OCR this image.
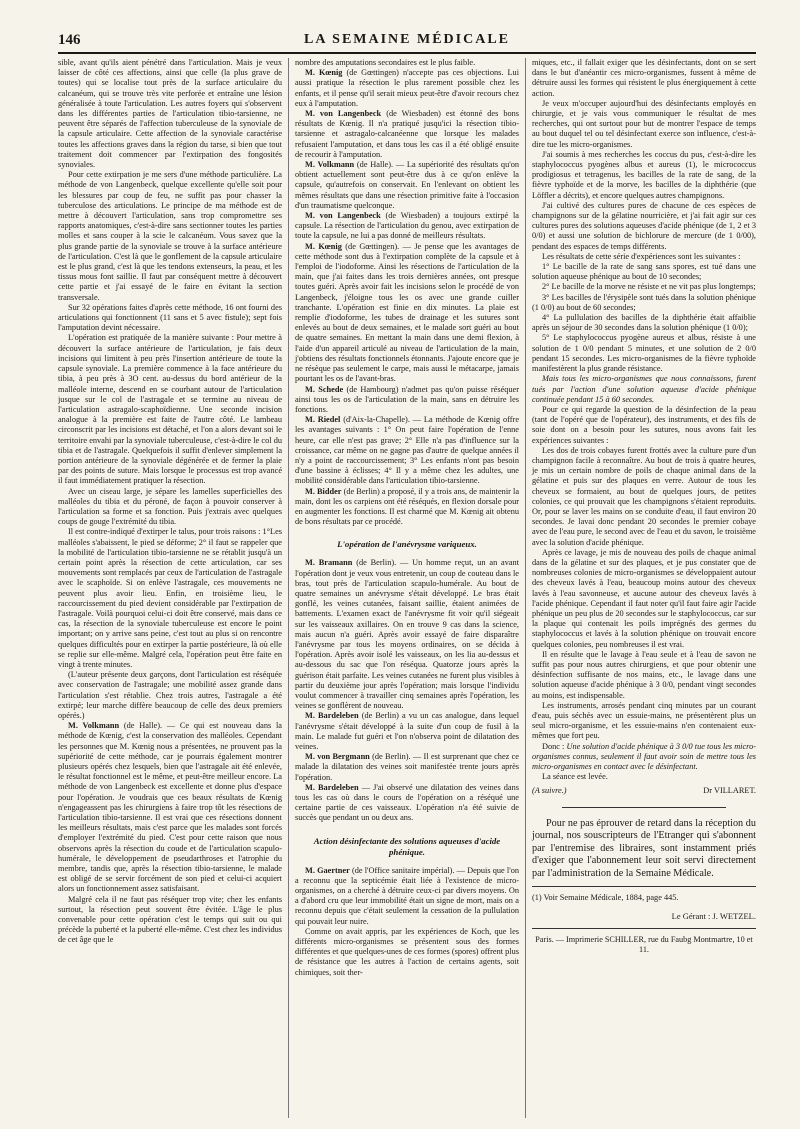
146	LA SEMAINE MÉDICALE

sible, avant qu'ils aient pénétré dans l'articulation. Mais je veux laisser de côté ces affections, ainsi que celle (la plus grave de toutes) qui se localise tout près de la surface articulaire du calcanéum, qui se trouve très vite perforée et entraîne une lésion généralisée à toute l'articulation. Les autres foyers qui s'observent dans les différentes parties de l'articulation tibio-tarsienne, ne peuvent être séparés de l'affection tuberculeuse de la synoviale de la capsule articulaire. Cette affection de la synoviale caractérise toutes les affections graves dans la région du tarse, si bien que tout traitement doit commencer par l'extirpation des fongosités synoviales.

Pour cette extirpation je me sers d'une méthode particulière. La méthode de von Langenbeck, quelque excellente qu'elle soit pour les blessures par coup de feu, ne suffit pas pour chasser la tuberculose des articulations. Le principe de ma méthode est de mettre à découvert l'articulation, sans trop compromettre ses rapports anatomiques, c'est-à-dire sans sectionner toutes les parties molles et sans couper à la scie le calcanéum. Vous savez que la plus grande partie de la synoviale se trouve à la surface antérieure de l'articulation. C'est là que le gonflement de la capsule articulaire est le plus grand, c'est là que les tendons extenseurs, la peau, et les tissus mous font saillie. Il faut par conséquent mettre à découvert cette partie et j'ai essayé de le faire en évitant la section transversale.

Sur 32 opérations faites d'après cette méthode, 16 ont fourni des articulations qui fonctionnent (11 sans et 5 avec fistule); sept fois l'amputation devint nécessaire.

L'opération est pratiquée de la manière suivante : Pour mettre à découvert la surface antérieure de l'articulation, je fais deux incisions qui limitent à peu près l'insertion antérieure de toute la capsule synoviale. La première commence à la face antérieure du tibia, à peu près à 3O cent. au-dessus du bord antérieur de la malléole interne, descend en se courbant autour de l'articulation jusque sur le col de l'astragale et se termine au niveau de l'articulation astragalo-scaphoïdienne. Une seconde incision analogue à la première est faite de l'autre côté. Le lambeau circonscrit par les incisions est détaché, et l'on a alors devant soi le territoire envahi par la synoviale tuberculeuse, c'est-à-dire le col du tibia et de l'astragale. Quelquefois il suffit d'enlever simplement la portion antérieure de la synoviale dégénérée et de fermer la plaie par des points de suture. Mais lorsque le processus est trop avancé il faut immédiatement pratiquer la résection.

Avec un ciseau large, je sépare les lamelles superficielles des malléoles du tibia et du péroné, de façon à pouvoir conserver à l'articulation sa forme et sa fonction. Puis j'extrais avec quelques coups de gouge l'extrémité du tibia.

Il est contre-indiqué d'extirper le talus, pour trois raisons : 1°Les malléoles s'abaissent, le pied se déforme; 2° il faut se rappeler que la mobilité de l'articulation tibio-tarsienne ne se rétablit jusqu'à un certain point après la résection de cette articulation, car ses mouvements sont remplacés par ceux de l'articulation de l'astragale avec le scaphoïde. Si on enlève l'astragale, ces mouvements ne peuvent plus avoir lieu. Enfin, en troisième lieu, le raccourcissement du pied devient considérable par l'extirpation de l'astragale. Voilà pourquoi celui-ci doit être conservé, mais dans ce cas, la résection de la synoviale tuberculeuse est encore le point important; on y arrive sans peine, c'est tout au plus si on rencontre quelques difficultés pour en extirper la partie postérieure, là où elle se replie sur elle-même. Malgré cela, l'opération peut être faite en vingt à trente minutes.

(L'auteur présente deux garçons, dont l'articulation est réséquée avec conservation de l'astragale; une mobilité assez grande dans l'articulation s'est rétablie. Chez trois autres, l'astragale a été extirpé; leur marche diffère beaucoup de celle des deux premiers opérés.)

M. Volkmann (de Halle). — Ce qui est nouveau dans la méthode de Kœnig, c'est la conservation des malléoles. Cependant les personnes que M. Kœnig nous a présentées, ne prouvent pas la supériorité de cette méthode, car je pourrais également montrer plusieurs opérés chez lesquels, bien que l'astragale ait été enlevée, le résultat fonctionnel est le même, et peut-être meilleur encore. La méthode de von Langenbeck est excellente et donne plus d'espace pour l'opération. Je voudrais que ces beaux résultats de Kœnig n'engageassent pas les chirurgiens à faire trop tôt les résections de l'articulation tibio-tarsienne. Il est vrai que ces résections donnent les meilleurs résultats, mais c'est parce que les malades sont forcés d'employer l'extrémité du pied. C'est pour cette raison que nous observons après la résection du coude et de l'articulation scapulo-humérale, le développement de pseudarthroses et l'atrophie du membre, tandis que, après la résection tibio-tarsienne, le malade est obligé de se servir forcément de son pied et celui-ci acquiert alors un fonctionnement assez satisfaisant.

Malgré cela il ne faut pas réséquer trop vite; chez les enfants surtout, la résection peut souvent être évitée. L'âge le plus convenable pour cette opération c'est le temps qui suit ou qui précède la puberté et la puberté elle-même. C'est chez les individus de cet âge que le

nombre des amputations secondaires est le plus faible.

M. Kœnig (de Gœttingen) n'accepte pas ces objections. Lui aussi pratique la résection le plus rarement possible chez les enfants, et il pense qu'il serait mieux peut-être d'avoir recours chez eux à l'amputation.

M. von Langenbeck (de Wiesbaden) est étonné des bons résultats de Kœnig. Il n'a pratiqué jusqu'ici la résection tibio-tarsienne et astragalo-calcanéenne que lorsque les malades refusaient l'amputation, et dans tous les cas il a été obligé ensuite de recourir à l'amputation.

M. Volkmann (de Halle). — La supériorité des résultats qu'on obtient actuellement sont peut-être dus à ce qu'on enlève la capsule, qu'autrefois on conservait. En l'enlevant on obtient les mêmes résultats que dans une résection primitive faite à l'occasion d'un traumatisme quelconque.

M. von Langenbeck (de Wiesbaden) a toujours extirpé la capsule. La résection de l'articulation du genou, avec extirpation de toute la capsule, ne lui a pas donné de meilleurs résultats.

M. Kœnig (de Gœttingen). — Je pense que les avantages de cette méthode sont dus à l'extirpation complète de la capsule et à l'emploi de l'iodoforme. Ainsi les résections de l'articulation de la main, que j'ai faites dans les trois dernières années, ont presque toutes guéri. Après avoir fait les incisions selon le procédé de von Langenbeck, j'éloigne tous les os avec une grande cuiller tranchante. L'opération est finie en dix minutes. La plaie est remplie d'iodoforme, les tubes de drainage et les sutures sont enlevés au bout de deux semaines, et le malade sort guéri au bout de quatre semaines. En mettant la main dans une demi flexion, à l'aide d'un appareil articulé au niveau de l'articulation de la main, j'obtiens des résultats fonctionnels étonnants. J'ajoute encore que je ne résèque pas seulement le carpe, mais aussi le métacarpe, jamais pourtant les os de l'avant-bras.

M. Schede (de Hambourg) n'admet pas qu'on puisse réséquer ainsi tous les os de l'articulation de la main, sans en détruire les fonctions.

M. Riedel (d'Aix-la-Chapelle). — La méthode de Kœnig offre les avantages suivants : 1° On peut faire l'opération de l'enne heure, car elle n'est pas grave; 2° Elle n'a pas d'influence sur la croissance, car même on ne gagne pas d'autre de quelque années il n'y a point de raccourcissement; 3° Les enfants n'ont pas besoin d'une bassine à éclisses; 4° Il y a même chez les adultes, une mobilité considérable dans l'articulation tibio-tarsienne.

M. Bidder (de Berlin) a proposé, il y a trois ans, de maintenir la main, dont les os carpiens ont été réséqués, en flexion dorsale pour en augmenter les fonctions. Il est charmé que M. Kœnig ait obtenu de bons résultats par ce procédé.

L'opération de l'anévrysme variqueux.

M. Bramann (de Berlin). — Un homme reçut, un an avant l'opération dont je veux vous entretenir, un coup de couteau dans le bras, tout près de l'articulation scapulo-humérale. Au bout de quatre semaines un anévrysme s'était développé. Le bras était gonflé, les veines cutanées, faisant saillie, étaient animées de battements. L'examen exact de l'anévrysme fit voir qu'il siégeait sur les vaisseaux axillaires. On en trouve 9 cas dans la science, mais aucun n'a guéri. Après avoir essayé de faire disparaître l'anévrysme par tous les moyens ordinaires, on se décida à l'opération. Après avoir isolé les vaisseaux, on les lia au-dessus et au-dessous du sac que l'on réséqua. Quatorze jours après la guérison était parfaite. Les veines cutanées ne furent plus visibles à partir du deuxième jour après l'opération; mais lorsque l'individu voulut commencer à travailler cinq semaines après l'opération, les veines se gonflèrent de nouveau.

M. Bardeleben (de Berlin) a vu un cas analogue, dans lequel l'anévrysme s'était développé à la suite d'un coup de fusil à la main. Le malade fut guéri et l'on n'observa point de dilatation des veines.

M. von Bergmann (de Berlin). — Il est surprenant que chez ce malade la dilatation des veines soit manifestée trente jours après l'opération.

M. Bardeleben — J'ai observé une dilatation des veines dans tous les cas où dans le cours de l'opération on a réséqué une certaine partie de ces vaisseaux. L'opération n'a été suivie de succès que pendant un ou deux ans.

Action désinfectante des solutions aqueuses d'acide phénique.

M. Gaertner (de l'Office sanitaire impérial). — Depuis que l'on a reconnu que la septicémie était liée à l'existence de micro-organismes, on a cherché à détruire ceux-ci par divers moyens. On a d'abord cru que leur immobilité était un signe de mort, mais on a reconnu depuis que c'était seulement la cessation de la pullulation qui pouvait leur nuire.

Comme on avait appris, par les expériences de Koch, que les différents micro-organismes se présentent sous des formes différentes et que quelques-unes de ces formes (spores) offrent plus de résistance que les autres à l'action de certains agents, soit chimiques, soit ther-

miques, etc., il fallait exiger que les désinfectants, dont on se sert dans le but d'anéantir ces micro-organismes, fussent à même de détruire aussi les formes qui résistent le plus énergiquement à cette action.

Je veux m'occuper aujourd'hui des désinfectants employés en chirurgie, et je vais vous communiquer le résultat de mes recherches, qui ont surtout pour but de montrer l'espace de temps au bout duquel tel ou tel désinfectant exerce son influence, c'est-à-dire tue les micro-organismes.

J'ai soumis à mes recherches les coccus du pus, c'est-à-dire les staphylococcus pyogènes albus et aureus (1), le micrococcus prodigiosus et tetragenus, les bacilles de la rate de sang, de la fièvre typhoïde et de la morve, les bacilles de la diphthérie (que Löffler a décrits), et encore quelques autres champignons.

J'ai cultivé des cultures pures de chacune de ces espèces de champignons sur de la gélatine nourricière, et j'ai fait agir sur ces cultures pures des solutions aqueuses d'acide phénique (de 1, 2 et 3 0/0) et aussi une solution de bichlorure de mercure (de 1 0/00), pendant des espaces de temps différents.

Les résultats de cette série d'expériences sont les suivantes :

1° Le bacille de la rate de sang sans spores, est tué dans une solution aqueuse phénique au bout de 10 secondes;

2° Le bacille de la morve ne résiste et ne vit pas plus longtemps;

3° Les bacilles de l'érysipèle sont tués dans la solution phénique (1 0/0) au bout de 60 secondes;

4° La pullulation des bacilles de la diphthérie était affaiblie après un séjour de 30 secondes dans la solution phénique (1 0/0);

5° Le staphylococcus pyogène aureus et albus, résiste à une solution de 1 0/0 pendant 5 minutes, et une solution de 2 0/0 pendant 15 secondes. Les micro-organismes de la fièvre typhoïde manifestèrent la plus grande résistance.

Mais tous les micro-organismes que nous connaissons, furent tués par l'action d'une solution aqueuse d'acide phénique continuée pendant 15 à 60 secondes.

Pour ce qui regarde la question de la désinfection de la peau (tant de l'opéré que de l'opérateur), des instruments, et des fils de soie dont on a besoin pour les sutures, nous avons fait les expériences suivantes :

Les dos de trois cobayes furent frottés avec la culture pure d'un champignon facile à reconnaître. Au bout de trois à quatre heures, je mis un certain nombre de poils de chaque animal dans de la gélatine et puis sur des plaques en verre. Autour de tous les cheveux se formaient, au bout de quelques jours, de petites colonies, ce qui prouvait que les champignons s'étaient reproduits. Or, pour se laver les mains on se conduite d'eau, il faut environ 20 secondes. Je lavai donc pendant 20 secondes le premier cobaye avec de l'eau pure, le second avec de l'eau et du savon, le troisième avec la solution d'acide phénique.

Après ce lavage, je mis de nouveau des poils de chaque animal dans de la gélatine et sur des plaques, et je pus constater que de nombreuses colonies de micro-organismes se développaient autour des cheveux lavés à l'eau, beaucoup moins autour des cheveux lavés à l'eau savonneuse, et aucune autour des cheveux lavés à l'acide phénique. Cependant il faut noter qu'il faut faire agir l'acide phénique un peu plus de 20 secondes sur le staphylococcus, car sur la plaque qui contenait les poils imprégnés des germes du staphylococcus et lavés à la solution phénique on trouvait encore quelques colonies, peu nombreuses il est vrai.

Il en résulte que le lavage à l'eau seule et à l'eau de savon ne suffit pas pour nous autres chirurgiens, et que pour obtenir une désinfection suffisante de nos mains, etc., le lavage dans une solution aqueuse d'acide phénique à 3 0/0, pendant vingt secondes au moins, est indispensable.

Les instruments, arrosés pendant cinq minutes par un courant d'eau, puis séchés avec un essuie-mains, ne présentèrent plus un seul micro-organisme, et les essuie-mains n'en contenaient eux-mêmes que fort peu.

Donc : Une solution d'acide phénique à 3 0/0 tue tous les micro-organismes connus, seulement il faut avoir soin de mettre tous les micro-organismes en contact avec le désinfectant.

La séance est levée.

(A suivre.)	Dr VILLARET.
Pour ne pas éprouver de retard dans la réception du journal, nos souscripteurs de l'Etranger qui s'abonnent par l'entremise des libraires, sont instamment priés d'exiger que l'abonnement leur soit servi directement par l'administration de la Semaine Médicale.
(1) Voir Semaine Médicale, 1884, page 445.
Le Gérant : J. WETZEL.
Paris. — Imprimerie SCHILLER, rue du Faubg Montmartre, 10 et 11.
